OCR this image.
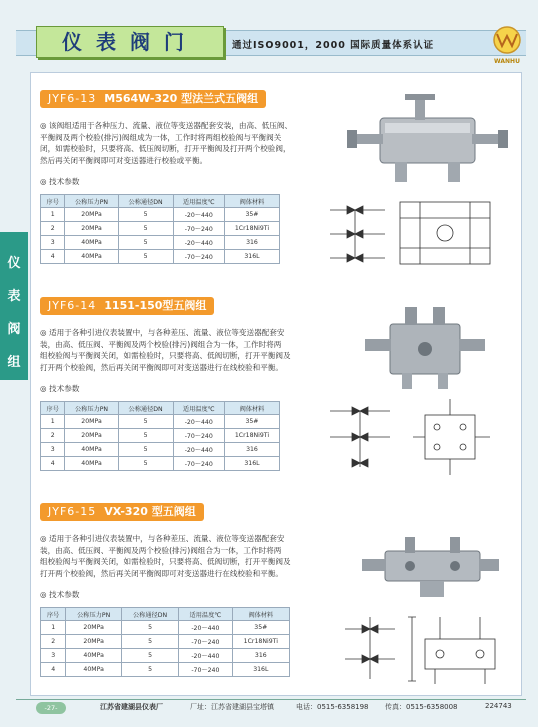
仪表阀门	通过ISO9001，2000 国际质量体系认证
WANHU
仪
表
阀
组
JYF6-13 M564W-320 型法兰式五阀组
◎ 该阀组适用于各种压力、流量、液位等变送器配套安装，由高、低压阀、
平衡阀及两个校验(排污)阀组成为一体，工作时将两组校验阀与平衡阀关
闭，如需校验时，只要将高、低压阀切断，打开平衡阀及打开两个校验阀，
然后再关闭平衡阀即可对变送器进行校验或平衡。
◎ 技术参数
序号	公称压力PN	公称通径DN	适用温度℃	阀体材料
1	20MPa	5	-20～440	35#
2	20MPa	5	-70～240	1Cr18Ni9Ti
3	40MPa	5	-20～440	316
4	40MPa	5	-70～240	316L
JYF6-14 1151-150型五阀组
◎ 适用于各种引进仪表装置中，与各种差压、流量、液位等变送器配套安
装，由高、低压阀、平衡阀及两个校验(排污)阀组合为一体，工作时将两
组校验阀与平衡阀关闭，如需检验时，只要将高、低阀切断，打开平衡阀及
打开两个校验阀，然后再关闭平衡阀即可对变送器进行在线校验和平衡。
◎ 技术参数
序号	公称压力PN	公称通径DN	适用温度℃	阀体材料
1	20MPa	5	-20～440	35#
2	20MPa	5	-70～240	1Cr18Ni9Ti
3	40MPa	5	-20～440	316
4	40MPa	5	-70～240	316L
JYF6-15 VX-320 型五阀组
◎ 适用于各种引进仪表装置中，与各种差压、流量、液位等变送器配套安
装，由高、低压阀、平衡阀及两个校验(排污)阀组合为一体，工作时将两
组校验阀与平衡阀关闭，如需检验时，只要将高、低阀切断，打开平衡阀及
打开两个校验阀，然后再关闭平衡阀即可对变送器进行在线校验和平衡。
◎ 技术参数
序号	公称压力PN	公称通径DN	适用温度℃	阀体材料
1	20MPa	5	-20～440	35#
2	20MPa	5	-70～240	1Cr18Ni9Ti
3	40MPa	5	-20～440	316
4	40MPa	5	-70～240	316L
-27-	江苏省建湖县仪表厂	厂址：江苏省建湖县宝塔镇	电话：0515-6358198 传真：0515-6358008	224743
